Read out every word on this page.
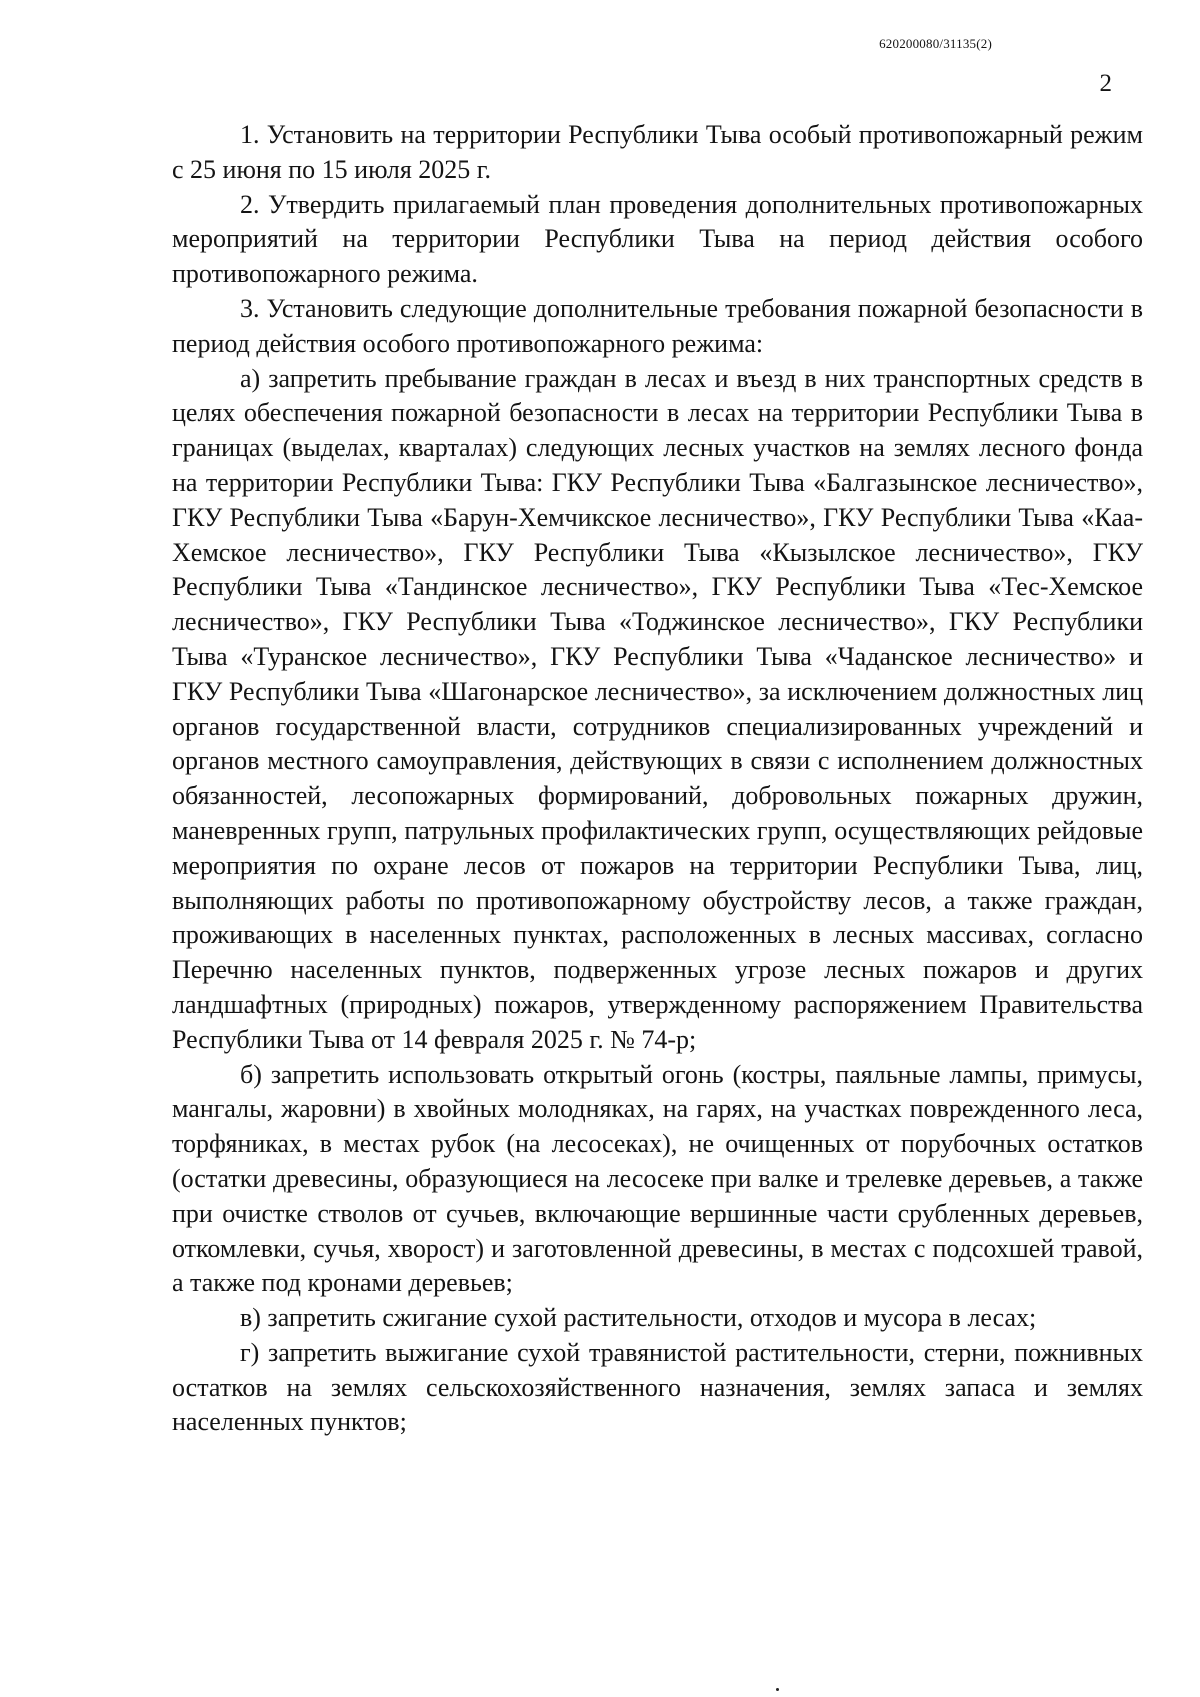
620200080/31135(2)
2

1. Установить на территории Республики Тыва особый противопожарный режим с 25 июня по 15 июля 2025 г.

2. Утвердить прилагаемый план проведения дополнительных противопожарных мероприятий на территории Республики Тыва на период действия особого противопожарного режима.

3. Установить следующие дополнительные требования пожарной безопасности в период действия особого противопожарного режима:

а) запретить пребывание граждан в лесах и въезд в них транспортных средств в целях обеспечения пожарной безопасности в лесах на территории Республики Тыва в границах (выделах, кварталах) следующих лесных участков на землях лесного фонда на территории Республики Тыва: ГКУ Республики Тыва «Балгазынское лесничество», ГКУ Республики Тыва «Барун-Хемчикское лесничество», ГКУ Республики Тыва «Каа-Хемское лесничество», ГКУ Республики Тыва «Кызылское лесничество», ГКУ Республики Тыва «Тандинское лесничество», ГКУ Республики Тыва «Тес-Хемское лесничество», ГКУ Республики Тыва «Тоджинское лесничество», ГКУ Республики Тыва «Туранское лесничество», ГКУ Республики Тыва «Чаданское лесничество» и ГКУ Республики Тыва «Шагонарское лесничество», за исключением должностных лиц органов государственной власти, сотрудников специализированных учреждений и органов местного самоуправления, действующих в связи с исполнением должностных обязанностей, лесопожарных формирований, добровольных пожарных дружин, маневренных групп, патрульных профилактических групп, осуществляющих рейдовые мероприятия по охране лесов от пожаров на территории Республики Тыва, лиц, выполняющих работы по противопожарному обустройству лесов, а также граждан, проживающих в населенных пунктах, расположенных в лесных массивах, согласно Перечню населенных пунктов, подверженных угрозе лесных пожаров и других ландшафтных (природных) пожаров, утвержденному распоряжением Правительства Республики Тыва от 14 февраля 2025 г. № 74-р;

б) запретить использовать открытый огонь (костры, паяльные лампы, примусы, мангалы, жаровни) в хвойных молодняках, на гарях, на участках поврежденного леса, торфяниках, в местах рубок (на лесосеках), не очищенных от порубочных остатков (остатки древесины, образующиеся на лесосеке при валке и трелевке деревьев, а также при очистке стволов от сучьев, включающие вершинные части срубленных деревьев, откомлевки, сучья, хворост) и заготовленной древесины, в местах с подсохшей травой, а также под кронами деревьев;

в) запретить сжигание сухой растительности, отходов и мусора в лесах;

г) запретить выжигание сухой травянистой растительности, стерни, пожнивных остатков на землях сельскохозяйственного назначения, землях запаса и землях населенных пунктов;
